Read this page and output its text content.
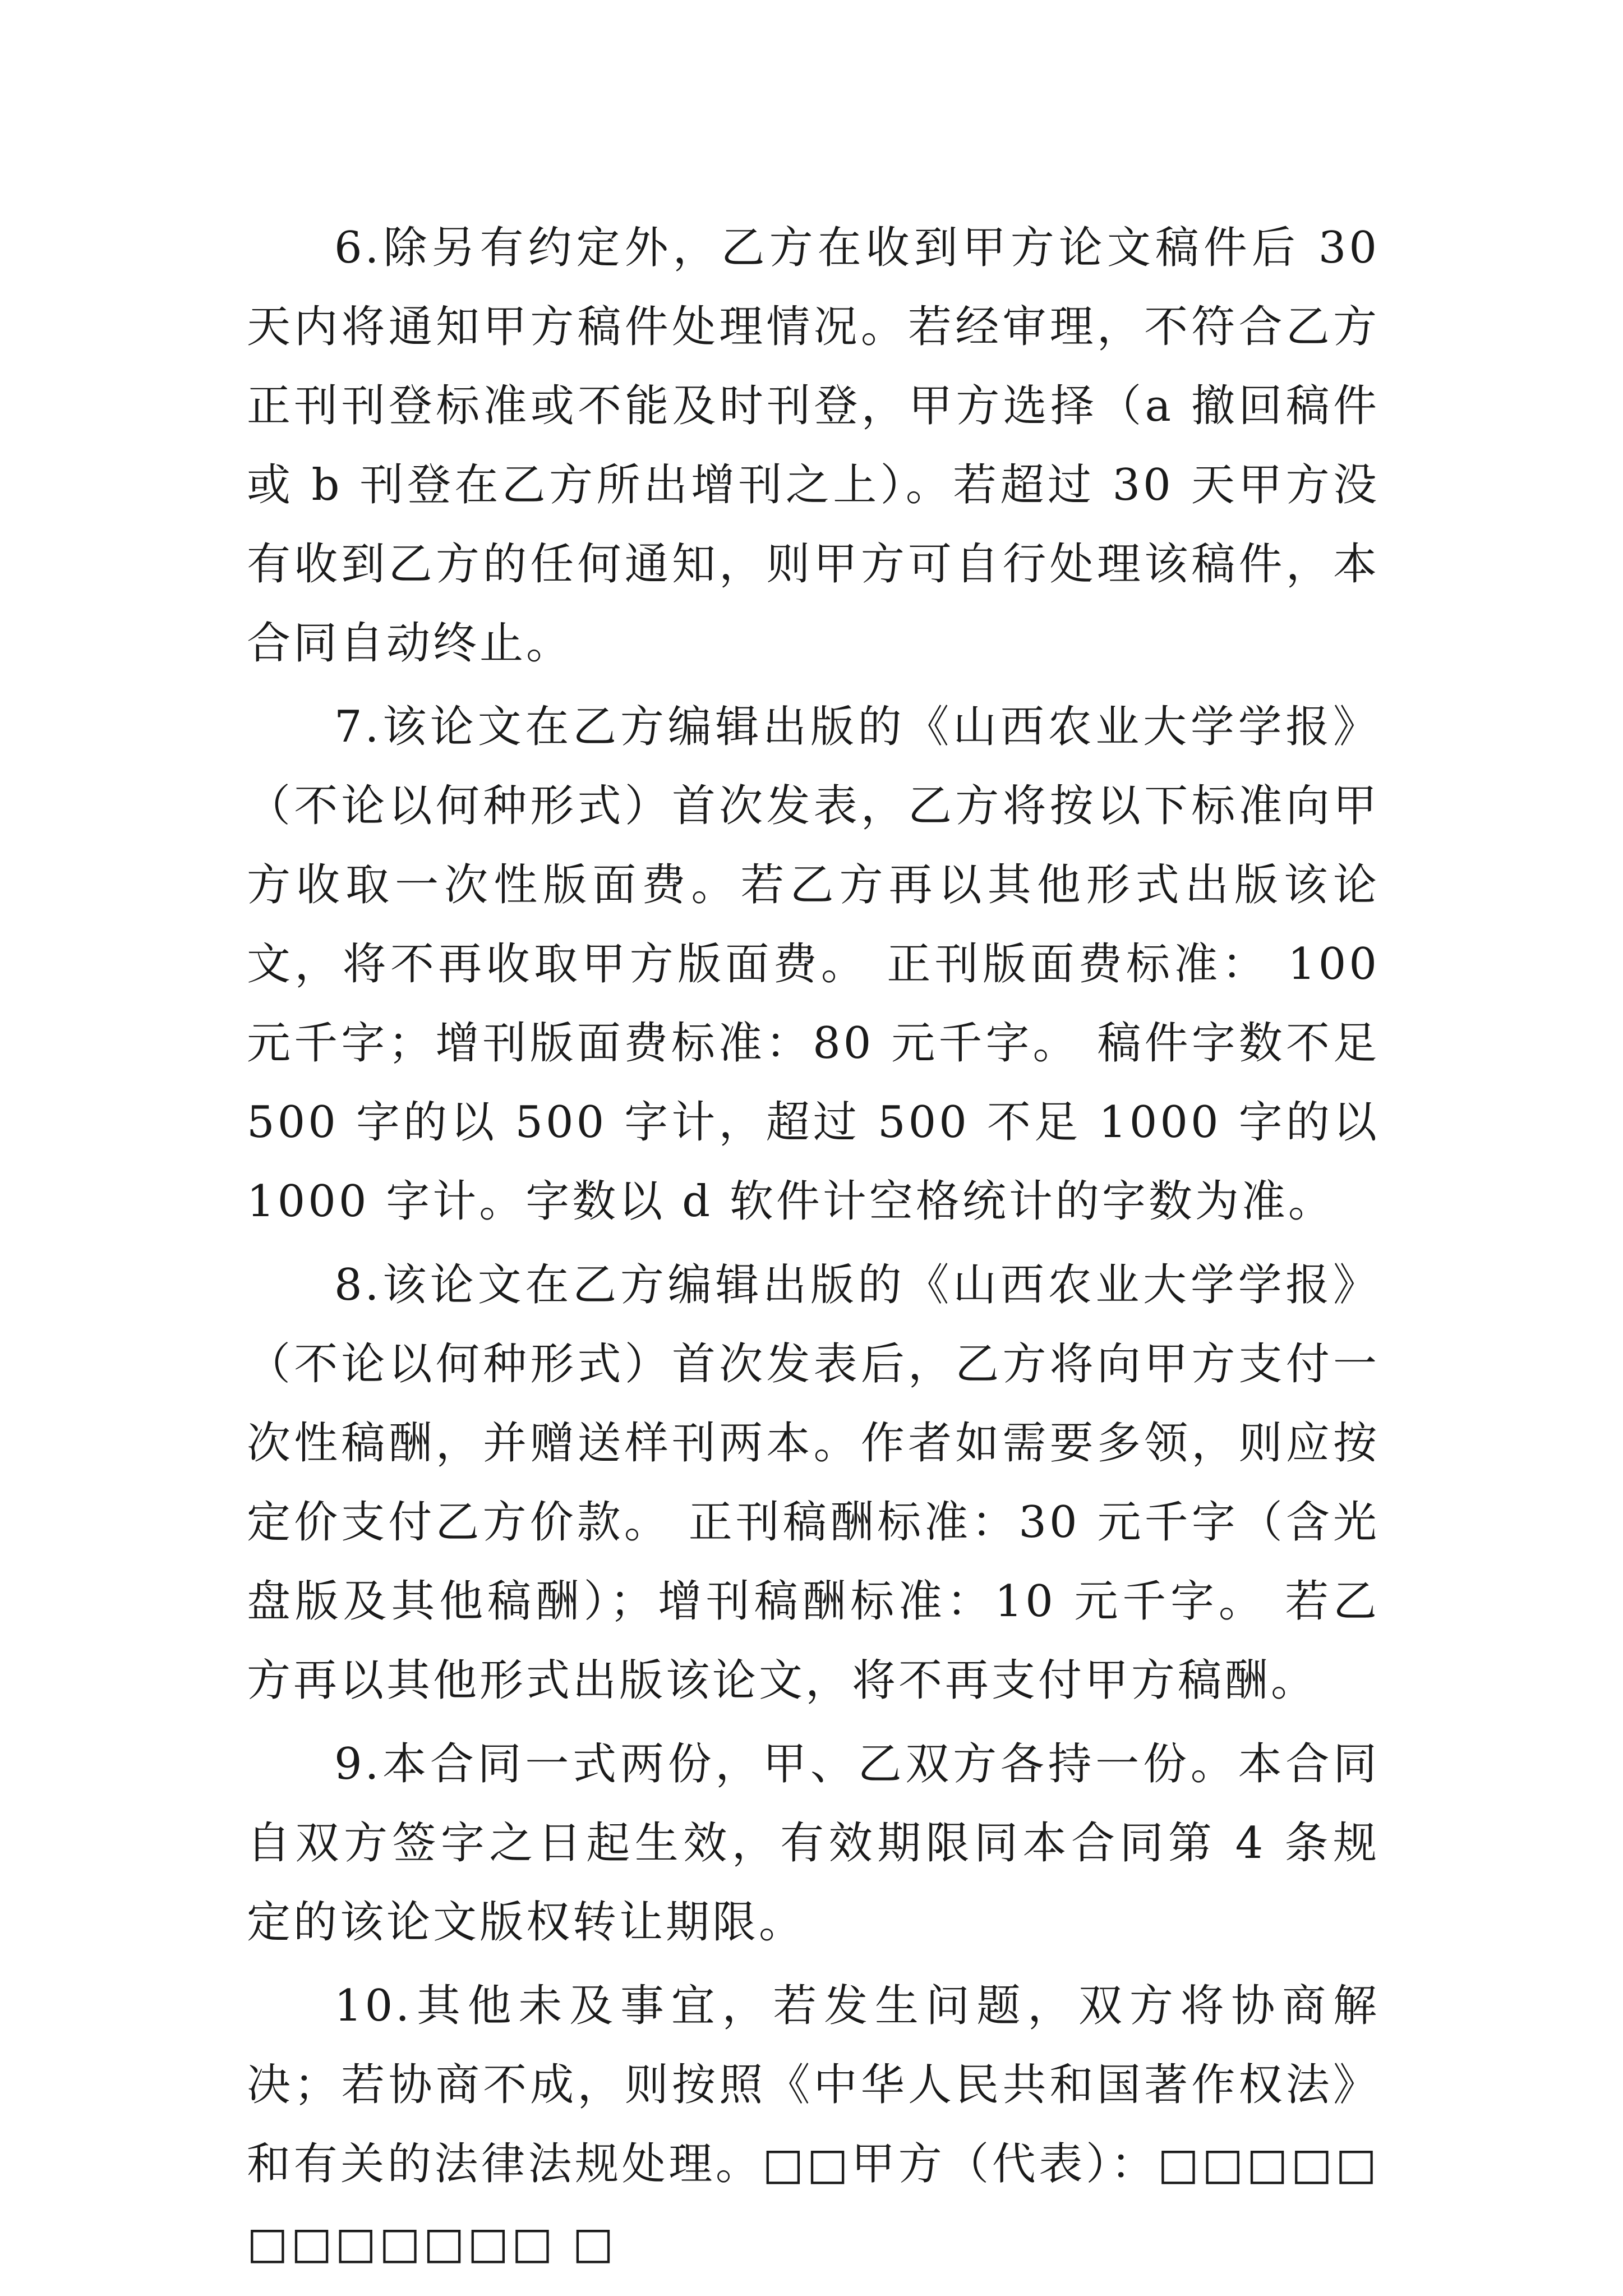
6.除另有约定外，乙方在收到甲方论文稿件后 30 天内将通知甲方稿件处理情况。若经审理，不符合乙方正刊刊登标准或不能及时刊登，甲方选择（a 撤回稿件或 b 刊登在乙方所出增刊之上）。若超过 30 天甲方没有收到乙方的任何通知，则甲方可自行处理该稿件，本合同自动终止。

7.该论文在乙方编辑出版的《山西农业大学学报》（不论以何种形式）首次发表，乙方将按以下标准向甲方收取一次性版面费。若乙方再以其他形式出版该论文，将不再收取甲方版面费。 正刊版面费标准： 100 元千字；增刊版面费标准：80 元千字。 稿件字数不足 500 字的以 500 字计，超过 500 不足 1000 字的以 1000 字计。字数以 d 软件计空格统计的字数为准。

8.该论文在乙方编辑出版的《山西农业大学学报》（不论以何种形式）首次发表后，乙方将向甲方支付一次性稿酬，并赠送样刊两本。作者如需要多领，则应按定价支付乙方价款。 正刊稿酬标准：30 元千字（含光盘版及其他稿酬）；增刊稿酬标准：10 元千字。 若乙方再以其他形式出版该论文，将不再支付甲方稿酬。

9.本合同一式两份，甲、乙双方各持一份。本合同自双方签字之日起生效，有效期限同本合同第 4 条规定的该论文版权转让期限。

10.其他未及事宜，若发生问题，双方将协商解决；若协商不成，则按照《中华人民共和国著作权法》和有关的法律法规处理。□□甲方（代表）：□□□□□□□□□□□□ □
